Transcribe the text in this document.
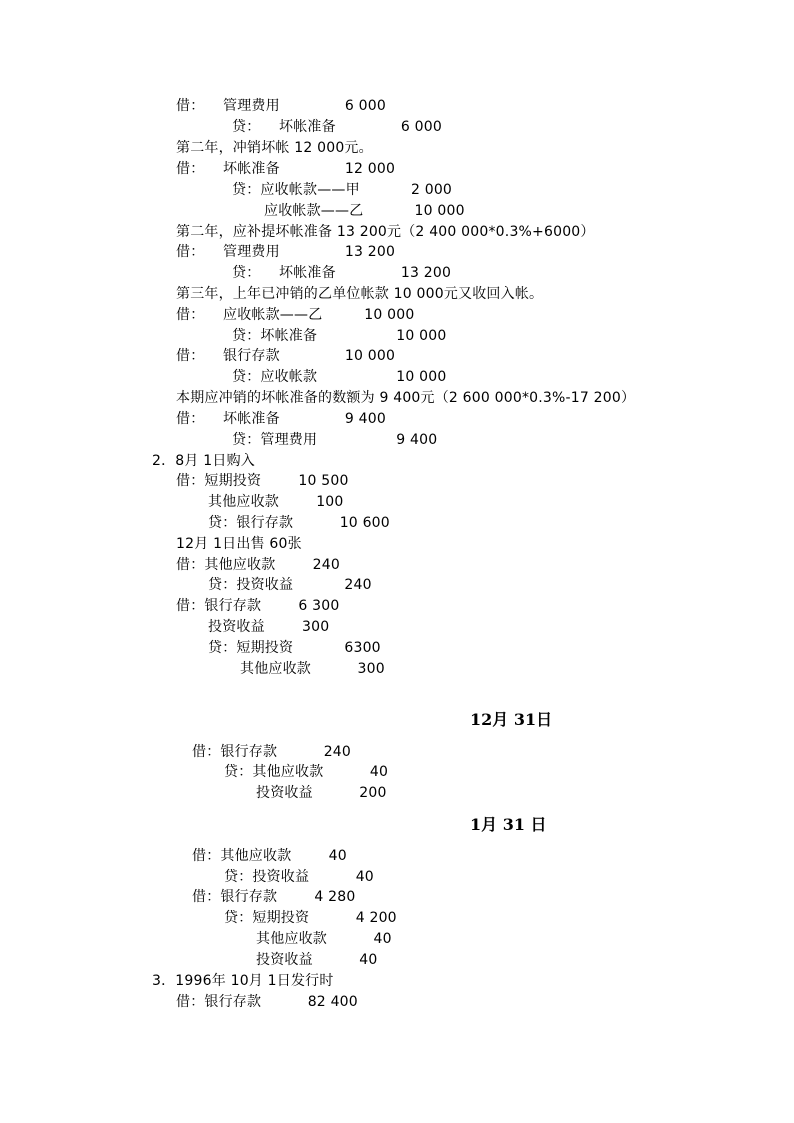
借：    管理费用              6 000
贷：    坏帐准备              6 000
第二年，冲销坏帐 12 000元。
借：    坏帐准备              12 000
贷：应收帐款——甲           2 000
应收帐款——乙           10 000
第二年，应补提坏帐准备 13 200元（2 400 000*0.3%+6000）
借：    管理费用              13 200
贷：    坏帐准备              13 200
第三年，上年已冲销的乙单位帐款 10 000元又收回入帐。
借：    应收帐款——乙         10 000
贷：坏帐准备                 10 000
借：    银行存款              10 000
贷：应收帐款                 10 000
本期应冲销的坏帐准备的数额为 9 400元（2 600 000*0.3%-17 200）
借：    坏帐准备              9 400
贷：管理费用                 9 400
2．8月 1日购入
借：短期投资        10 500
其他应收款        100
贷：银行存款          10 600
12月 1日出售 60张
借：其他应收款        240
贷：投资收益           240
借：银行存款        6 300
投资收益        300
贷：短期投资           6300
其他应收款          300
12月 31日
借：银行存款          240
贷：其他应收款          40
投资收益          200
1月 31 日
借：其他应收款        40
贷：投资收益          40
借：银行存款        4 280
贷：短期投资          4 200
其他应收款          40
投资收益          40
3．1996年 10月 1日发行时
借：银行存款          82 400
